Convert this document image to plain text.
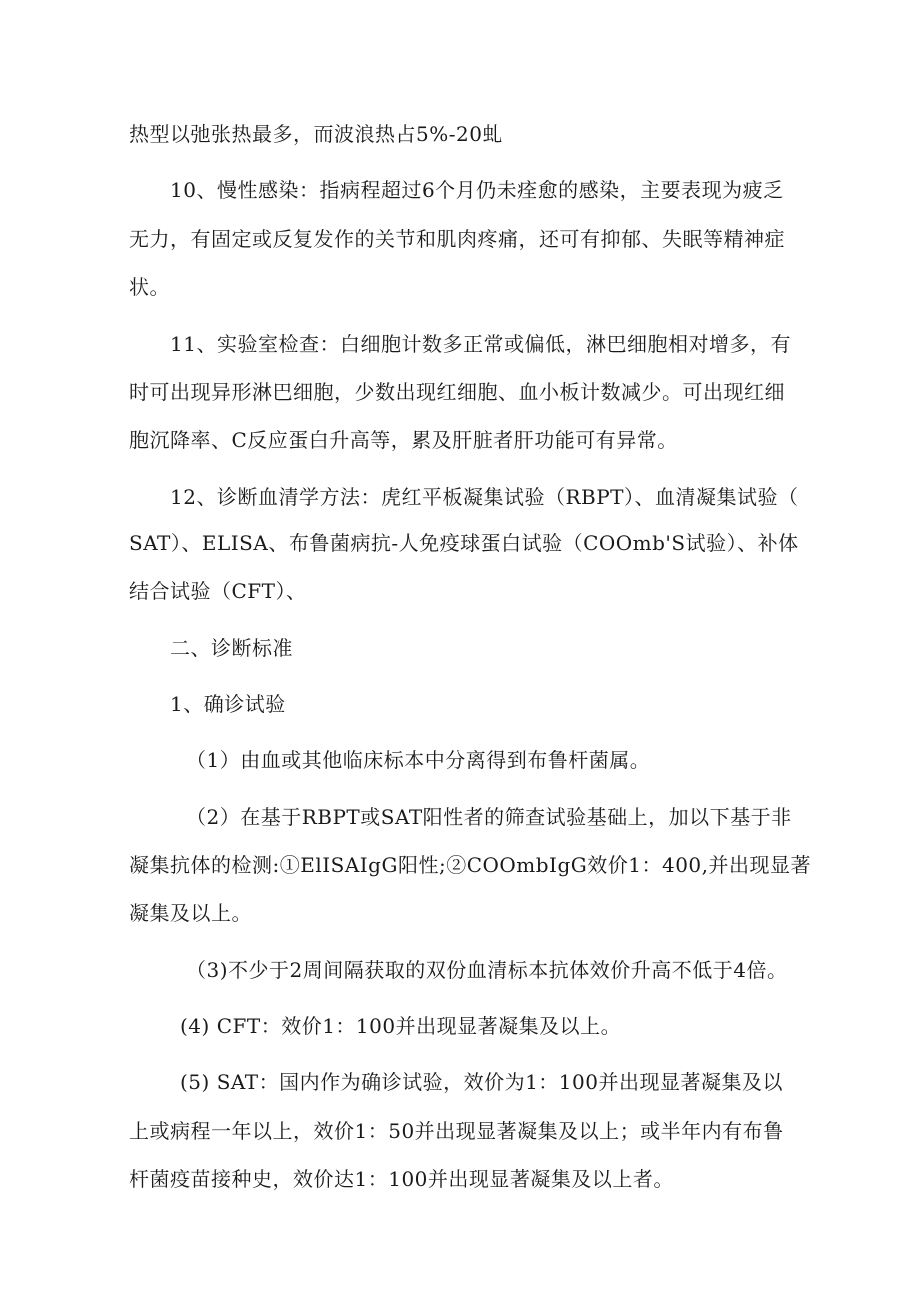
热型以弛张热最多，而波浪热占5%-20虬
10、慢性感染：指病程超过6个月仍未痊愈的感染，主要表现为疲乏
无力，有固定或反复发作的关节和肌肉疼痛，还可有抑郁、失眠等精神症
状。
11、实验室检查：白细胞计数多正常或偏低，淋巴细胞相对增多，有
时可出现异形淋巴细胞，少数出现红细胞、血小板计数减少。可出现红细
胞沉降率、C反应蛋白升高等，累及肝脏者肝功能可有异常。
12、诊断血清学方法：虎红平板凝集试验（RBPT）、血清凝集试验（
SAT）、ELISA、布鲁菌病抗-人免疫球蛋白试验（COOmb'S试验）、补体
结合试验（CFT）、
二、诊断标准
1、确诊试验
（1）由血或其他临床标本中分离得到布鲁杆菌属。
（2）在基于RBPT或SAT阳性者的筛查试验基础上，加以下基于非
凝集抗体的检测:①ElISAIgG阳性;②COOmbIgG效价1：400,并出现显著
凝集及以上。
（3)不少于2周间隔获取的双份血清标本抗体效价升高不低于4倍。
(4) CFT：效价1：100并出现显著凝集及以上。
(5) SAT：国内作为确诊试验，效价为1：100并出现显著凝集及以
上或病程一年以上，效价1：50并出现显著凝集及以上；或半年内有布鲁
杆菌疫苗接种史，效价达1：100并出现显著凝集及以上者。
